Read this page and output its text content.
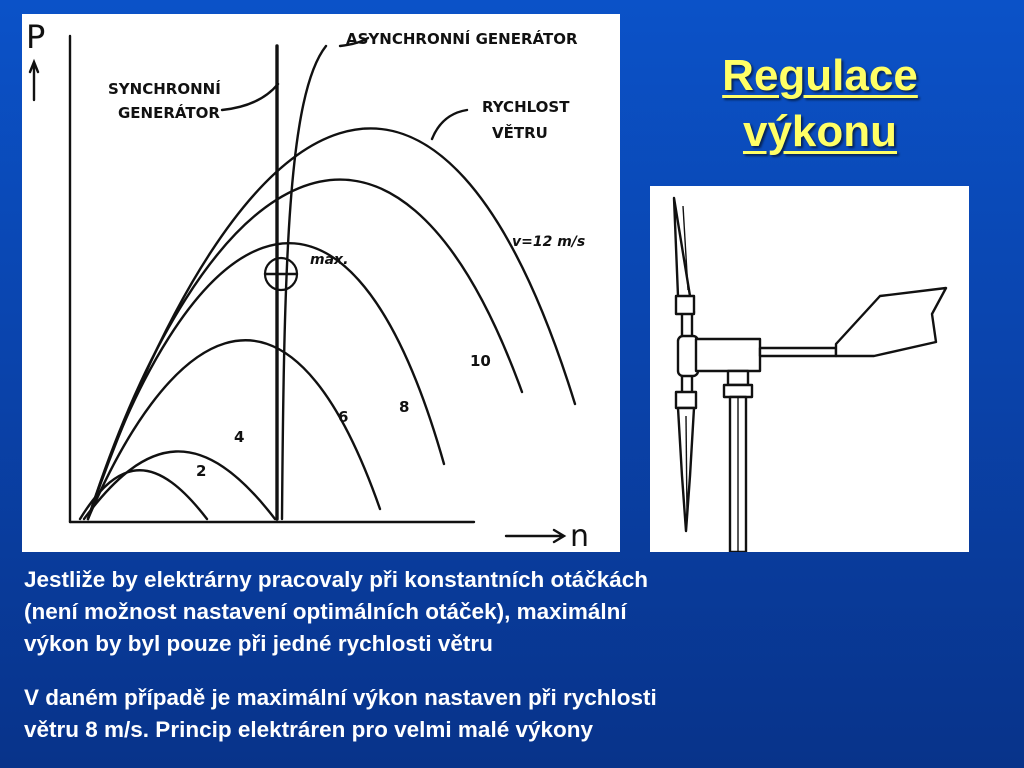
P
n
ASYNCHRONNÍ GENERÁTOR
SYNCHRONNÍ
GENERÁTOR	RYCHLOST
VĚTRU
v=12 m/s
max.
2
4
6
8
10
Regulace
výkonu
Jestliže by elektrárny pracovaly při konstantních otáčkách
(není možnost nastavení optimálních otáček), maximální
výkon by byl pouze při jedné rychlosti větru
V daném případě je maximální výkon nastaven při rychlosti
větru 8 m/s. Princip elektráren pro velmi malé výkony
